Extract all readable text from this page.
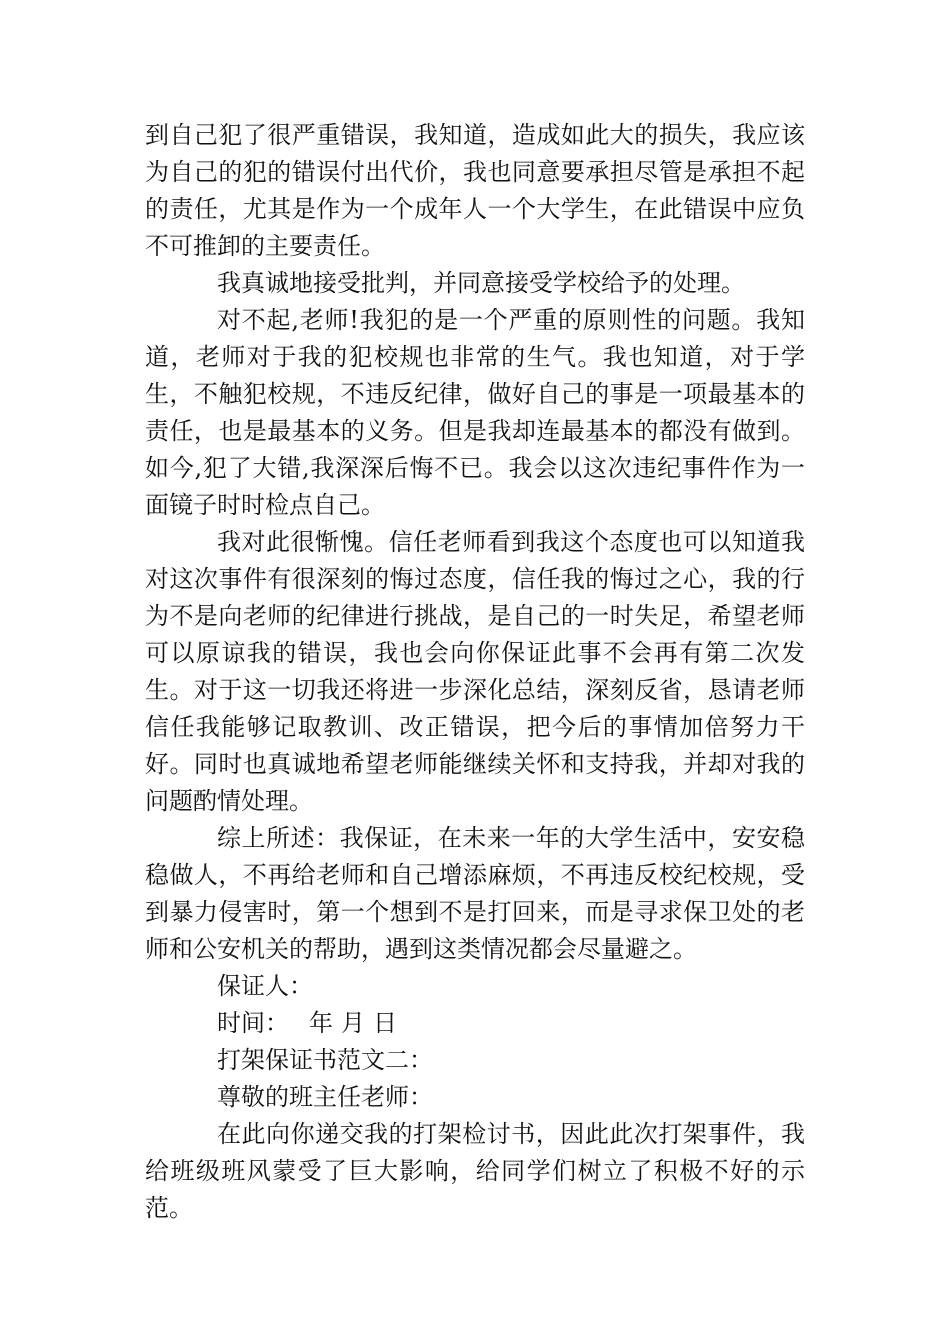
到自己犯了很严重错误，我知道，造成如此大的损失，我应该为自己的犯的错误付出代价，我也同意要承担尽管是承担不起的责任，尤其是作为一个成年人一个大学生，在此错误中应负不可推卸的主要责任。

我真诚地接受批判，并同意接受学校给予的处理。

对不起,老师!我犯的是一个严重的原则性的问题。我知道，老师对于我的犯校规也非常的生气。我也知道，对于学生，不触犯校规，不违反纪律，做好自己的事是一项最基本的责任，也是最基本的义务。但是我却连最基本的都没有做到。如今,犯了大错,我深深后悔不已。我会以这次违纪事件作为一面镜子时时检点自己。

我对此很惭愧。信任老师看到我这个态度也可以知道我对这次事件有很深刻的悔过态度，信任我的悔过之心，我的行为不是向老师的纪律进行挑战，是自己的一时失足，希望老师可以原谅我的错误，我也会向你保证此事不会再有第二次发生。对于这一切我还将进一步深化总结，深刻反省，恳请老师信任我能够记取教训、改正错误，把今后的事情加倍努力干好。同时也真诚地希望老师能继续关怀和支持我，并却对我的问题酌情处理。

综上所述：我保证，在未来一年的大学生活中，安安稳稳做人，不再给老师和自己增添麻烦，不再违反校纪校规，受到暴力侵害时，第一个想到不是打回来，而是寻求保卫处的老师和公安机关的帮助，遇到这类情况都会尽量避之。

保证人：

时间： 年 月 日

打架保证书范文二：

尊敬的班主任老师：

在此向你递交我的打架检讨书，因此此次打架事件，我给班级班风蒙受了巨大影响，给同学们树立了积极不好的示范。
